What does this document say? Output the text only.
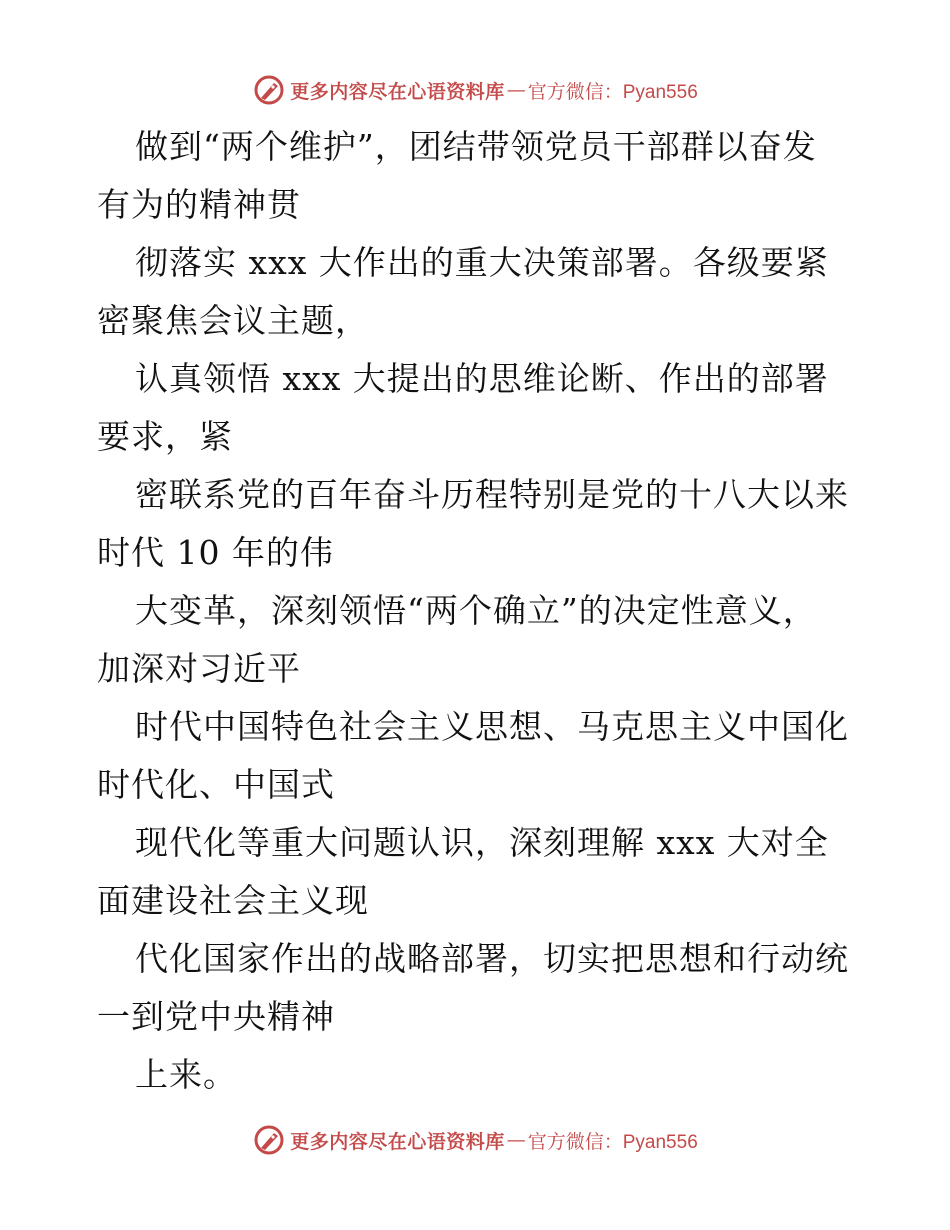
更多内容尽在心语资料库 — 官方微信：Pyan556
做到“两个维护”，团结带领党员干部群以奋发
有为的精神贯
彻落实 xxx 大作出的重大决策部署。各级要紧
密聚焦会议主题，
认真领悟 xxx 大提出的思维论断、作出的部署
要求，紧
密联系党的百年奋斗历程特别是党的十八大以来
时代 10 年的伟
大变革，深刻领悟“两个确立”的决定性意义，
加深对习近平
时代中国特色社会主义思想、马克思主义中国化
时代化、中国式
现代化等重大问题认识，深刻理解 xxx 大对全
面建设社会主义现
代化国家作出的战略部署，切实把思想和行动统
一到党中央精神
上来。
更多内容尽在心语资料库 — 官方微信：Pyan556
